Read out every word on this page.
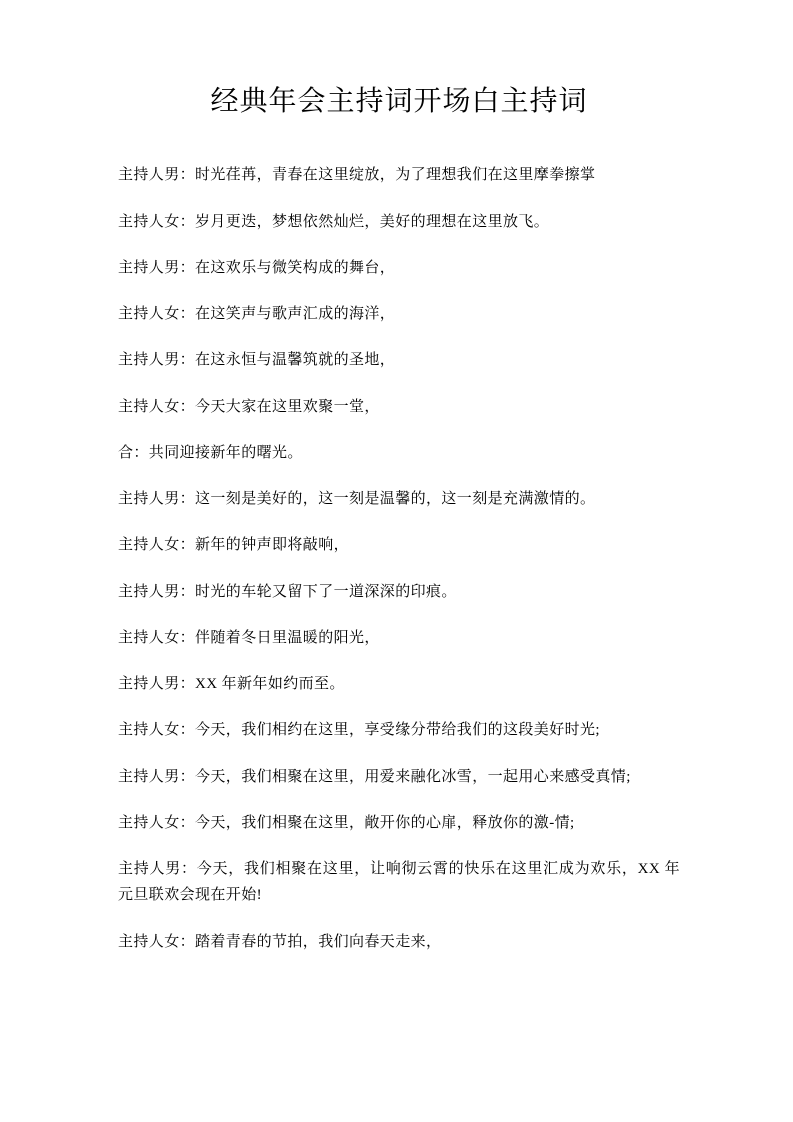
经典年会主持词开场白主持词

主持人男：时光荏苒，青春在这里绽放，为了理想我们在这里摩拳擦掌

主持人女：岁月更迭，梦想依然灿烂，美好的理想在这里放飞。

主持人男：在这欢乐与微笑构成的舞台，

主持人女：在这笑声与歌声汇成的海洋，

主持人男：在这永恒与温馨筑就的圣地，

主持人女：今天大家在这里欢聚一堂，

合：共同迎接新年的曙光。

主持人男：这一刻是美好的，这一刻是温馨的，这一刻是充满激情的。

主持人女：新年的钟声即将敲响，

主持人男：时光的车轮又留下了一道深深的印痕。

主持人女：伴随着冬日里温暖的阳光，

主持人男：XX 年新年如约而至。

主持人女：今天，我们相约在这里，享受缘分带给我们的这段美好时光;

主持人男：今天，我们相聚在这里，用爱来融化冰雪，一起用心来感受真情;

主持人女：今天，我们相聚在这里，敞开你的心扉，释放你的激-情;

主持人男：今天，我们相聚在这里，让响彻云霄的快乐在这里汇成为欢乐，XX 年元旦联欢会现在开始!

主持人女：踏着青春的节拍，我们向春天走来，
